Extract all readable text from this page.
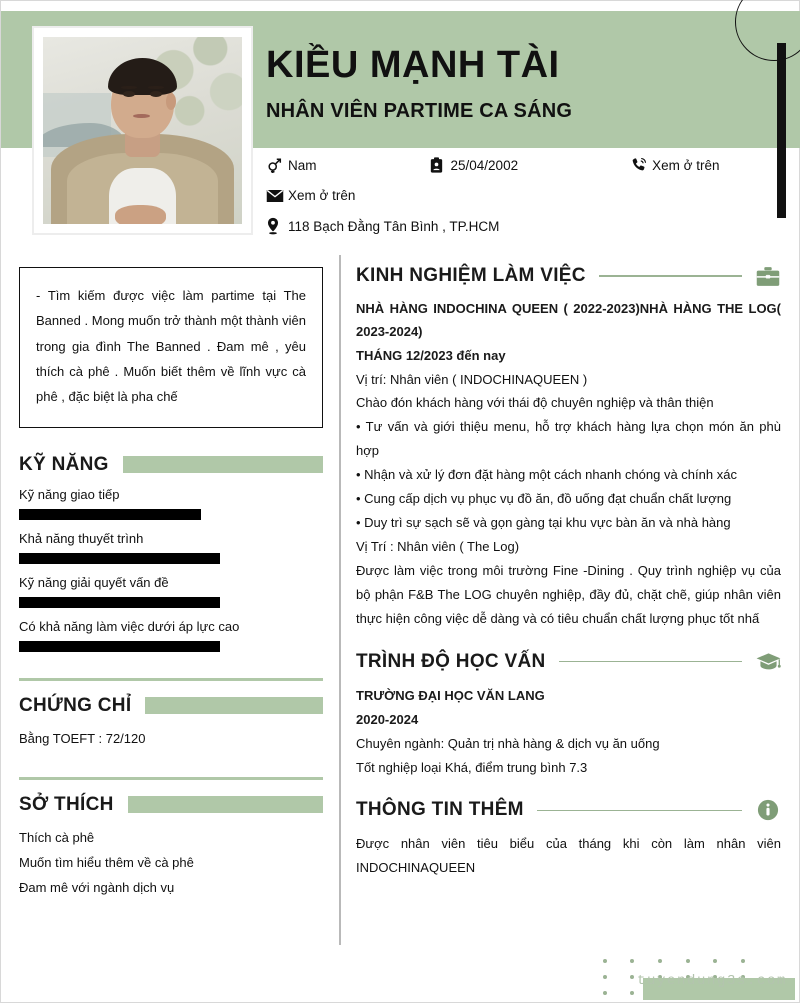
KIỀU MẠNH TÀI
NHÂN VIÊN PARTIME CA SÁNG
Nam	25/04/2002	Xem ở trên
Xem ở trên
118 Bạch Đằng Tân Bình , TP.HCM
- Tìm kiếm được việc làm partime tại The Banned . Mong muốn trở thành một thành viên trong gia đình The Banned . Đam mê , yêu thích cà phê . Muốn biết thêm về lĩnh vực cà phê , đặc biệt là pha chế
KỸ NĂNG
Kỹ năng giao tiếp
Khả năng thuyết trình
Kỹ năng giải quyết vấn đề
Có khả năng làm việc dưới áp lực cao
CHỨNG CHỈ
Bằng TOEFT : 72/120
SỞ THÍCH
Thích cà phê
Muốn tìm hiểu thêm về cà phê
Đam mê với ngành dịch vụ
KINH NGHIỆM LÀM VIỆC
NHÀ HÀNG INDOCHINA QUEEN ( 2022-2023)NHÀ HÀNG THE LOG( 2023-2024)
THÁNG 12/2023 đến nay
Vị trí: Nhân viên ( INDOCHINAQUEEN )
Chào đón khách hàng với thái độ chuyên nghiệp và thân thiện
• Tư vấn và giới thiệu menu, hỗ trợ khách hàng lựa chọn món ăn phù hợp
• Nhận và xử lý đơn đặt hàng một cách nhanh chóng và chính xác
• Cung cấp dịch vụ phục vụ đồ ăn, đồ uống đạt chuẩn chất lượng
• Duy trì sự sạch sẽ và gọn gàng tại khu vực bàn ăn và nhà hàng
Vị Trí : Nhân viên ( The Log)
Được làm việc trong môi trường Fine -Dining . Quy trình nghiệp vụ của bộ phận F&B The LOG chuyên nghiệp, đầy đủ, chặt chẽ, giúp nhân viên thực hiện công việc dễ dàng và có tiêu chuẩn chất lượng phục tốt nhấ
TRÌNH ĐỘ HỌC VẤN
TRƯỜNG ĐẠI HỌC VĂN LANG
2020-2024
Chuyên ngành: Quản trị nhà hàng & dịch vụ ăn uống
Tốt nghiệp loại Khá, điểm trung bình 7.3
THÔNG TIN THÊM
Được nhân viên tiêu biểu của tháng khi còn làm nhân viên INDOCHINAQUEEN
tuyendung3s.com
